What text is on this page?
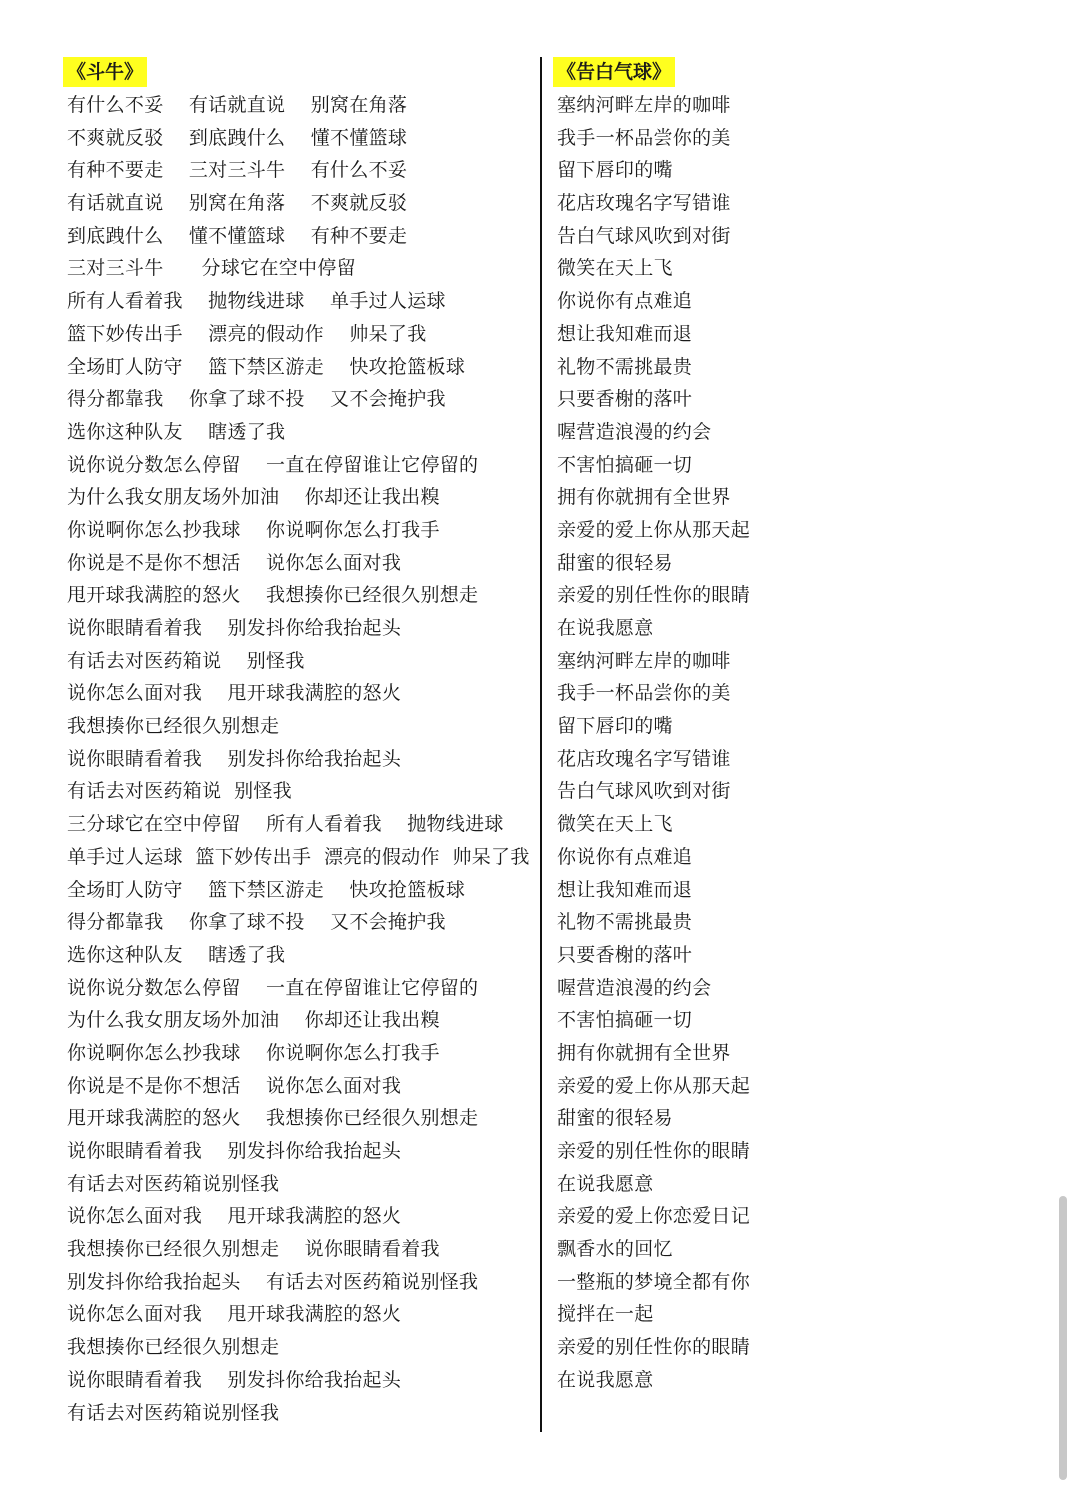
《斗牛》
有什么不妥    有话就直说    别窝在角落
不爽就反驳    到底跩什么    懂不懂篮球
有种不要走    三对三斗牛    有什么不妥
有话就直说    别窝在角落    不爽就反驳
到底跩什么    懂不懂篮球    有种不要走
三对三斗牛      分球它在空中停留
所有人看着我    抛物线进球    单手过人运球
篮下妙传出手    漂亮的假动作    帅呆了我
全场盯人防守    篮下禁区游走    快攻抢篮板球
得分都靠我    你拿了球不投    又不会掩护我
选你这种队友    瞎透了我
说你说分数怎么停留    一直在停留谁让它停留的
为什么我女朋友场外加油    你却还让我出糗
你说啊你怎么抄我球    你说啊你怎么打我手
你说是不是你不想活    说你怎么面对我
甩开球我满腔的怒火    我想揍你已经很久别想走
说你眼睛看着我    别发抖你给我抬起头
有话去对医药箱说    别怪我
说你怎么面对我    甩开球我满腔的怒火
我想揍你已经很久别想走
说你眼睛看着我    别发抖你给我抬起头
有话去对医药箱说  别怪我
三分球它在空中停留    所有人看着我    抛物线进球
单手过人运球  篮下妙传出手  漂亮的假动作  帅呆了我
全场盯人防守    篮下禁区游走    快攻抢篮板球
得分都靠我    你拿了球不投    又不会掩护我
选你这种队友    瞎透了我
说你说分数怎么停留    一直在停留谁让它停留的
为什么我女朋友场外加油    你却还让我出糗
你说啊你怎么抄我球    你说啊你怎么打我手
你说是不是你不想活    说你怎么面对我
甩开球我满腔的怒火    我想揍你已经很久别想走
说你眼睛看着我    别发抖你给我抬起头
有话去对医药箱说别怪我
说你怎么面对我    甩开球我满腔的怒火
我想揍你已经很久别想走    说你眼睛看着我
别发抖你给我抬起头    有话去对医药箱说别怪我
说你怎么面对我    甩开球我满腔的怒火
我想揍你已经很久别想走
说你眼睛看着我    别发抖你给我抬起头
有话去对医药箱说别怪我
《告白气球》
塞纳河畔左岸的咖啡
我手一杯品尝你的美
留下唇印的嘴
花店玫瑰名字写错谁
告白气球风吹到对街
微笑在天上飞
你说你有点难追
想让我知难而退
礼物不需挑最贵
只要香榭的落叶
喔营造浪漫的约会
不害怕搞砸一切
拥有你就拥有全世界
亲爱的爱上你从那天起
甜蜜的很轻易
亲爱的别任性你的眼睛
在说我愿意
塞纳河畔左岸的咖啡
我手一杯品尝你的美
留下唇印的嘴
花店玫瑰名字写错谁
告白气球风吹到对街
微笑在天上飞
你说你有点难追
想让我知难而退
礼物不需挑最贵
只要香榭的落叶
喔营造浪漫的约会
不害怕搞砸一切
拥有你就拥有全世界
亲爱的爱上你从那天起
甜蜜的很轻易
亲爱的别任性你的眼睛
在说我愿意
亲爱的爱上你恋爱日记
飘香水的回忆
一整瓶的梦境全都有你
搅拌在一起
亲爱的别任性你的眼睛
在说我愿意
